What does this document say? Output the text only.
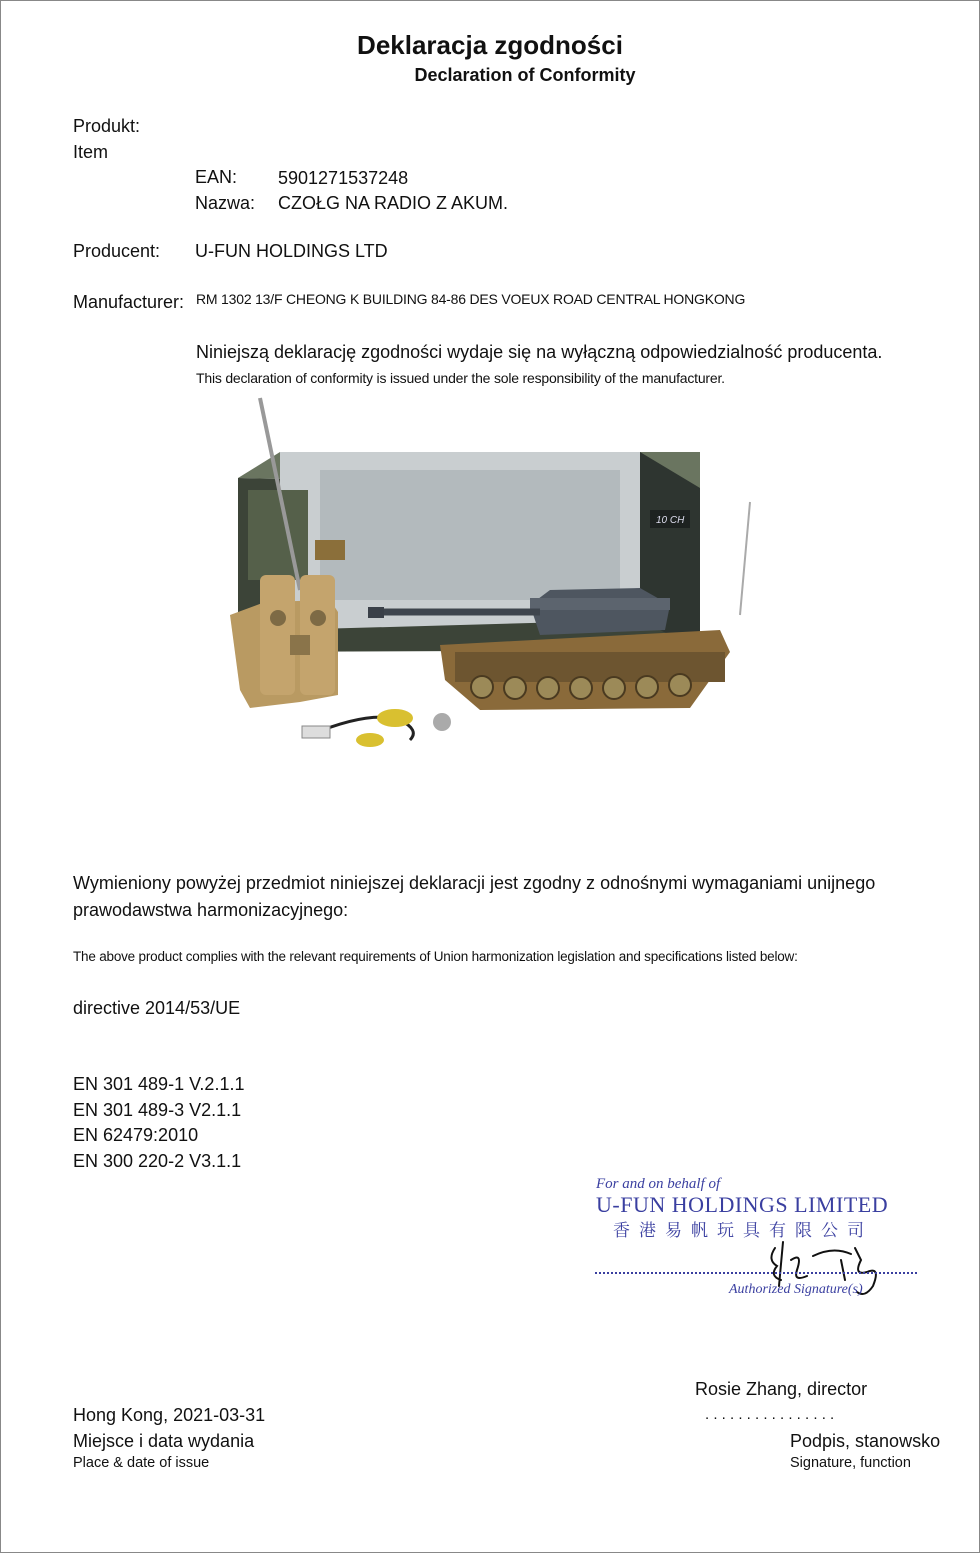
Deklaracja zgodności
Declaration of Conformity
Produkt:
Item
EAN: 5901271537248
Nazwa: CZOŁG NA RADIO Z AKUM.
Producent: U-FUN HOLDINGS LTD
Manufacturer: RM 1302 13/F CHEONG K BUILDING 84-86 DES VOEUX ROAD CENTRAL HONGKONG
Niniejszą deklarację zgodności wydaje się na wyłączną odpowiedzialność producenta.
This declaration of conformity is issued under the sole responsibility of the manufacturer.
10 CH
Wymieniony powyżej przedmiot niniejszej deklaracji jest zgodny z odnośnymi wymaganiami unijnego
prawodawstwa harmonizacyjnego:
The above product complies with the relevant requirements of Union harmonization legislation and specifications listed below:
directive 2014/53/UE
EN 301 489-1 V.2.1.1
EN 301 489-3 V2.1.1
EN 62479:2010
EN 300 220-2 V3.1.1
For and on behalf of
U-FUN HOLDINGS LIMITED
香港易帆玩具有限公司
Authorized Signature(s)
Rosie Zhang, director
. . . . . . . . . . . . . . . .
Podpis, stanowsko
Signature, function
Hong Kong, 2021-03-31
Miejsce i data wydania
Place & date of issue
